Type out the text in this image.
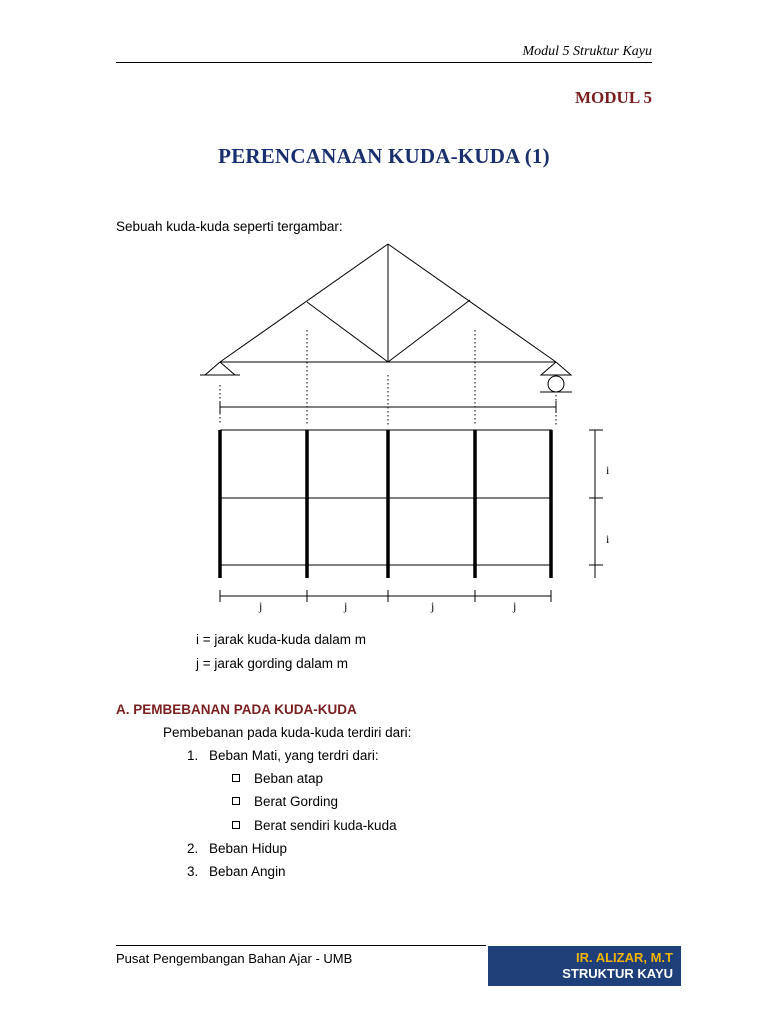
Modul 5 Struktur Kayu
MODUL 5
PERENCANAAN KUDA-KUDA (1)
Sebuah kuda-kuda seperti tergambar:
i
i
j	j	j	j
i = jarak kuda-kuda dalam m
j = jarak gording dalam m
A. PEMBEBANAN PADA KUDA-KUDA
Pembebanan pada kuda-kuda terdiri dari:
1. Beban Mati, yang terdri dari:
Beban atap
Berat Gording
Berat sendiri kuda-kuda
2. Beban Hidup
3. Beban Angin
Pusat Pengembangan Bahan Ajar - UMB	IR. ALIZAR, M.T
STRUKTUR KAYU
